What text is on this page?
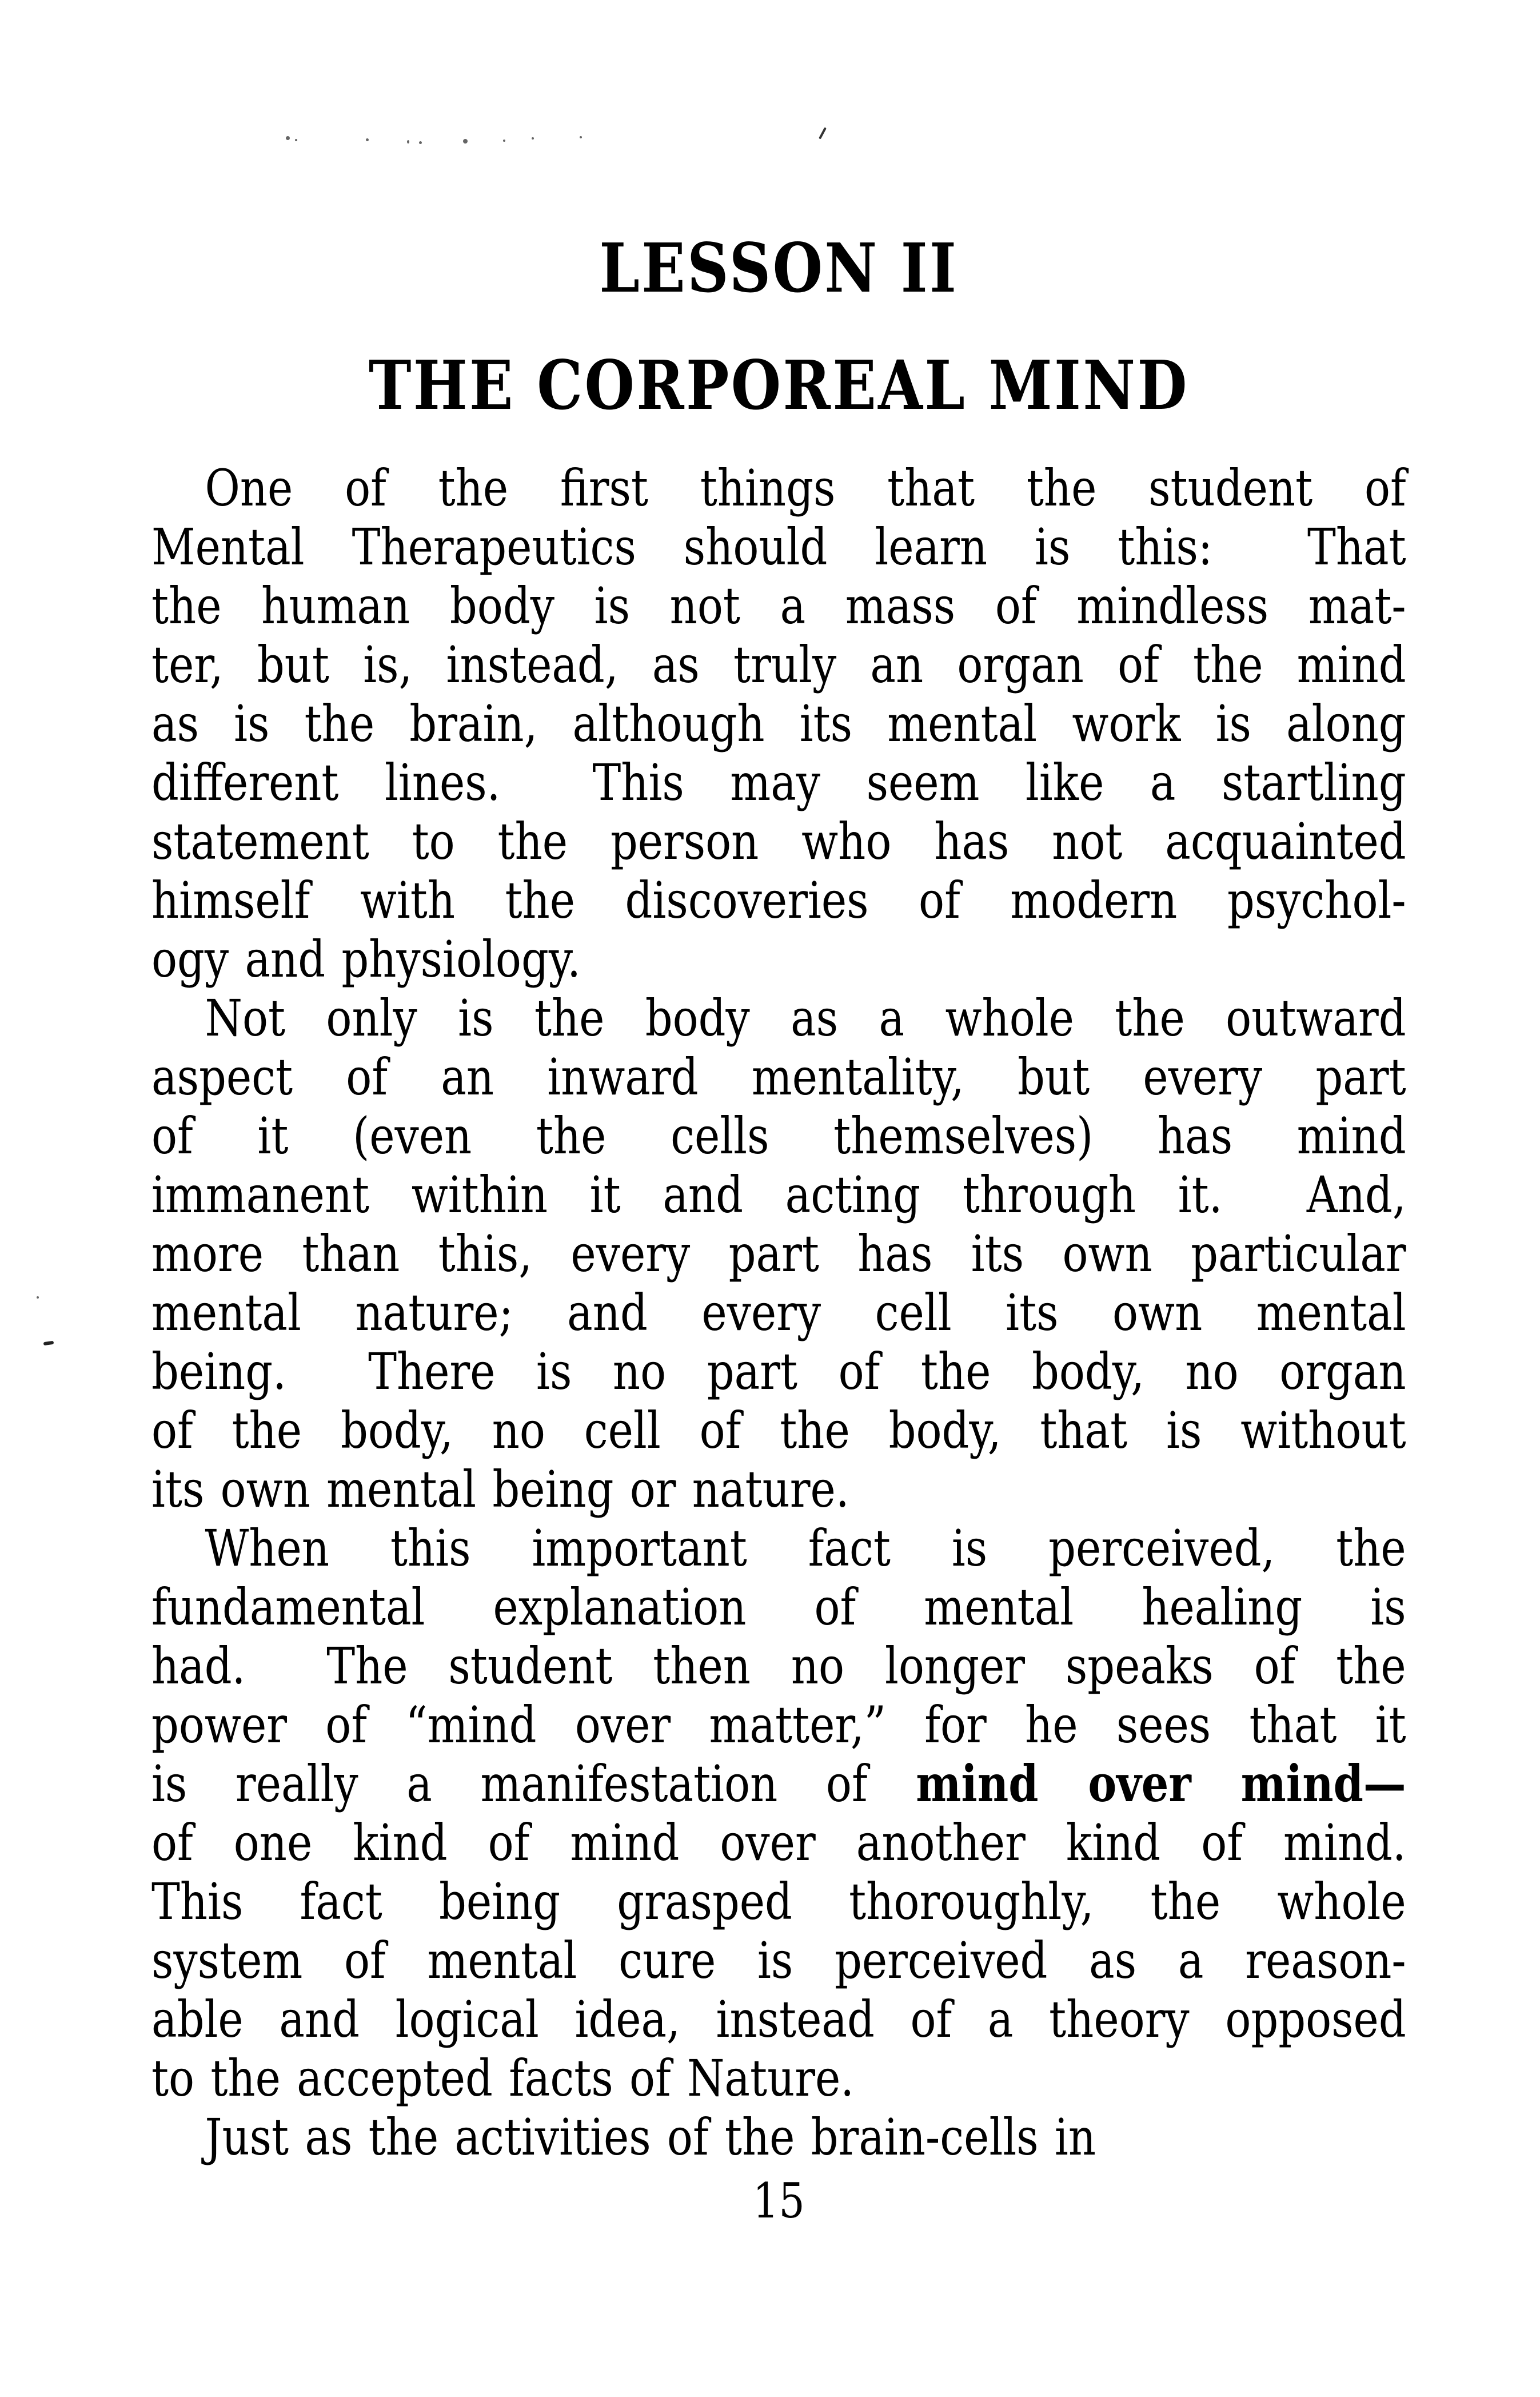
LESSON II
THE CORPOREAL MIND
One of the first things that the student of
Mental Therapeutics should learn is this:  That
the human body is not a mass of mindless mat-
ter, but is, instead, as truly an organ of the mind
as is the brain, although its mental work is along
different lines.  This may seem like a startling
statement to the person who has not acquainted
himself with the discoveries of modern psychol-
ogy and physiology.
Not only is the body as a whole the outward
aspect of an inward mentality, but every part
of it (even the cells themselves) has mind
immanent within it and acting through it.  And,
more than this, every part has its own particular
mental nature; and every cell its own mental
being.  There is no part of the body, no organ
of the body, no cell of the body, that is without
its own mental being or nature.
When this important fact is perceived, the
fundamental explanation of mental healing is
had.  The student then no longer speaks of the
power of “mind over matter,” for he sees that it
is really a manifestation of mind over mind—
of one kind of mind over another kind of mind.
This fact being grasped thoroughly, the whole
system of mental cure is perceived as a reason-
able and logical idea, instead of a theory opposed
to the accepted facts of Nature.
Just as the activities of the brain-cells in
15
